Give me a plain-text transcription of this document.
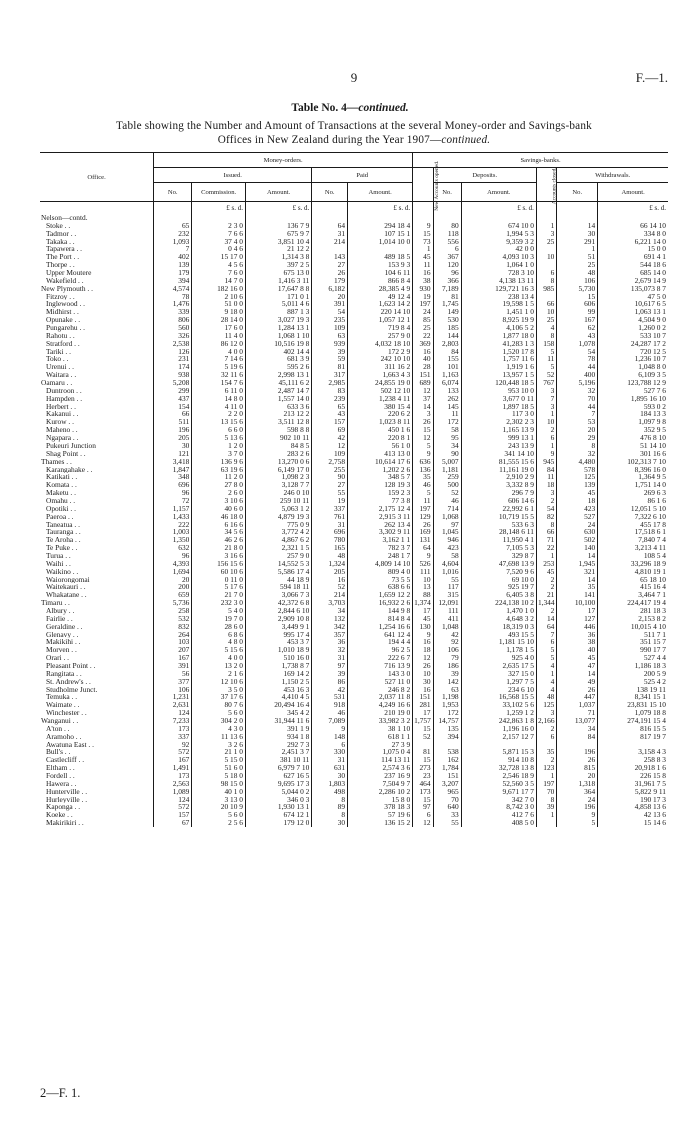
9	F.—1.
Table No. 4—continued.
Table showing the Number and Amount of Transactions at the several Money-order and Savings-bank
Offices in New Zealand during the Year 1907—continued.
Office.	Money-orders.					Savings-banks.					
	Issued.			Paid		New Accounts opened.	Deposits.		Accounts closed.	Withdrawals.	
	No.	Commission.	Amount.	No.	Amount.		No.	Amount.		No.	Amount.
		£ s. d.	£ s. d.		£ s. d.			£ s. d.			£ s. d.
Nelson—contd.											
Stoke . .	65	2 3 0	136 7 9	64	294 18 4	9	80	674 10 0	1	14	66 14 10
Tadmor . .	232	7 6 6	675 9 7	31	107 15 1	15	118	1,994 5 3	3	30	334 8 0
Takaka . .	1,093	37 4 0	3,851 10 4	214	1,014 10 0	73	556	9,359 3 2	25	291	6,221 14 0
Tapawera . .	7	0 4 6	21 12 2			1	6	42 0 0		1	15 0 0
The Port . .	402	15 17 0	1,314 3 8	143	489 18 5	45	367	4,093 10 3	10	51	691 4 1
Thorpe . .	139	4 5 6	397 2 5	27	153 9 3	11	120	1,064 1 0		25	544 18 6
Upper Moutere	179	7 6 0	675 13 0	26	104 6 11	16	96	728 3 10	6	48	685 14 0
Wakefield . .	394	14 7 0	1,416 3 11	179	866 8 4	38	366	4,138 13 11	8	106	2,679 14 9
New Plymouth . .	4,574	182 16 0	17,647 8 8	6,182	28,385 4 9	930	7,189	129,721 16 3	985	5,730	135,073 8 7
Fitzroy . .	78	2 10 6	171 0 1	20	49 12 4	19	81	238 13 4		15	47 5 0
Inglewood . .	1,476	51 0 0	5,011 4 6	391	1,623 14 2	197	1,745	19,598 1 5	66	606	10,617 6 5
Midhirst . .	339	9 18 0	887 1 3	54	220 14 10	24	149	1,451 1 0	10	99	1,063 13 1
Opunake . .	806	28 14 0	3,027 19 3	235	1,057 12 1	85	530	8,925 19 9	25	167	4,504 9 0
Pungarehu . .	560	17 6 0	1,284 13 1	109	719 8 4	25	185	4,106 5 2	4	62	1,260 0 2
Rahotu . .	326	11 4 0	1,068 1 10	63	257 9 0	22	144	1,877 18 0	8	43	533 10 7
Stratford . .	2,538	86 12 0	10,516 19 8	939	4,032 18 10	369	2,803	41,283 1 3	158	1,078	24,287 17 2
Tariki . .	126	4 0 0	402 14 4	39	172 2 9	16	84	1,520 17 8	5	54	720 12 5
Toko . .	231	7 14 6	681 3 9	59	242 10 10	40	155	1,757 11 6	11	78	1,236 10 7
Urenui . .	174	5 19 6	595 2 6	81	311 16 2	28	101	1,919 1 6	5	44	1,048 8 0
Waitara . .	938	32 11 6	2,998 13 1	317	1,663 4 3	151	1,163	13,957 1 5	52	400	6,109 3 5
Oamaru . .	5,208	154 7 6	45,111 6 2	2,985	24,855 19 0	689	6,074	120,448 18 5	767	5,196	123,788 12 9
Duntroon . .	299	6 11 0	2,487 14 7	83	502 12 10	12	133	953 10 0	3	32	527 7 6
Hampden . .	437	14 8 0	1,557 14 0	239	1,238 4 11	37	262	3,677 0 11	7	70	1,895 16 10
Herbert . .	154	4 11 0	633 3 6	65	380 15 4	14	145	1,897 18 5	3	44	593 0 2
Kakanui . .	66	2 2 0	213 12 2	43	220 6 2	3	11	117 3 0	1	7	184 13 3
Kurow . .	511	13 15 6	3,511 12 8	157	1,023 8 11	26	172	2,302 2 3	10	53	1,097 9 8
Maheno . .	196	6 6 0	598 8 8	69	450 1 6	15	58	1,165 13 9	2	20	352 9 5
Ngapara . .	205	5 13 6	902 10 11	42	220 8 1	12	95	999 13 1	6	29	476 8 10
Pukeuri Junction	30	1 2 0	84 8 5	12	56 1 0	5	34	243 13 9	1	8	51 14 10
Shag Point . .	121	3 7 0	283 2 6	109	413 13 0	9	90	341 14 10	9	32	301 16 6
Thames . .	3,418	136 9 6	13,270 0 6	2,758	10,614 17 6	636	5,007	81,555 15 6	945	4,480	102,313 7 10
Karangahake . .	1,847	63 19 6	6,149 17 0	255	1,202 2 6	136	1,181	11,161 19 0	84	578	8,396 16 0
Katikati . .	348	11 2 0	1,098 2 3	90	348 5 7	35	259	2,910 2 9	11	125	1,364 9 5
Komata . .	696	27 8 0	3,128 7 7	27	128 19 3	46	500	3,332 8 9	18	139	1,751 14 0
Maketu . .	96	2 6 0	246 0 10	55	159 2 3	5	52	296 7 9	3	45	269 6 3
Omahu . .	72	3 10 6	259 10 11	19	77 3 8	11	46	606 14 6	2	18	86 1 6
Opotiki . .	1,157	40 6 0	5,063 1 2	337	2,175 12 4	197	714	22,992 6 1	54	423	12,051 5 10
Paeroa . .	1,433	46 18 0	4,879 19 3	761	2,915 3 11	129	1,068	10,719 15 5	82	527	7,322 6 10
Taneatua . .	222	6 16 6	775 0 9	31	262 13 4	26	97	533 6 3	8	24	455 17 8
Tauranga . .	1,003	34 5 6	3,772 4 2	696	3,302 9 11	169	1,045	28,148 6 11	66	630	17,518 6 1
Te Aroha . .	1,350	46 2 6	4,867 6 2	780	3,162 1 1	131	946	11,950 4 1	71	502	7,840 7 4
Te Puke . .	632	21 8 0	2,321 1 5	165	782 3 7	64	423	7,105 5 3	22	140	3,213 4 11
Turua . .	96	3 16 6	257 9 0	48	248 1 7	9	58	329 8 7	1	14	108 5 4
Waihi . .	4,393	156 15 6	14,552 5 3	1,324	4,809 14 10	526	4,604	47,698 13 9	253	1,945	33,296 18 9
Waikino . .	1,694	60 10 6	5,586 17 4	205	809 4 0	111	1,016	7,520 9 6	45	321	4,810 19 1
Waiorongomai	20	0 11 0	44 18 9	16	73 5 5	10	55	69 10 0	2	14	65 18 10
Waitekauri . .	200	5 17 6	594 18 11	52	638 6 6	13	117	925 19 7	2	35	415 16 4
Whakatane . .	659	21 7 0	3,066 7 3	214	1,659 12 2	88	315	6,405 3 8	21	141	3,464 7 1
Timaru . .	5,736	232 3 0	42,372 6 8	3,703	16,932 2 6	1,374	12,091	224,138 10 2	1,344	10,100	224,417 19 4
Albury . .	258	5 4 0	2,844 6 10	34	144 9 8	17	111	1,470 1 0	2	17	281 18 3
Fairlie . .	532	19 7 0	2,909 10 8	132	814 8 4	45	411	4,648 3 2	14	127	2,153 8 2
Geraldine . .	832	28 6 0	3,449 9 1	342	1,254 16 6	130	1,048	18,319 0 3	64	446	10,015 4 10
Glenavy . .	264	6 8 6	995 17 4	357	641 12 4	9	42	493 15 5	7	36	511 7 1
Makikihi . .	103	4 8 0	453 3 7	36	194 4 4	16	92	1,181 15 10	6	38	351 15 7
Morven . .	207	5 15 6	1,010 18 9	32	96 2 5	18	106	1,178 1 5	5	40	990 17 7
Orari . .	167	4 0 0	510 16 0	31	222 6 7	12	79	925 4 0	5	45	527 4 4
Pleasant Point . .	391	13 2 0	1,738 8 7	97	716 13 9	26	186	2,635 17 5	4	47	1,186 18 3
Rangitata . .	56	2 1 6	169 14 2	39	143 3 0	10	39	327 15 0	1	14	200 5 9
St. Andrew's . .	377	12 10 6	1,150 2 5	86	527 11 0	30	142	1,297 7 5	4	49	525 4 2
Studholme Junct.	106	3 5 0	453 16 3	42	246 8 2	16	63	234 6 10	4	26	138 19 11
Temuka . .	1,231	37 17 6	4,410 4 5	531	2,037 11 8	151	1,198	16,568 15 5	48	447	8,341 15 1
Waimate . .	2,631	80 7 6	20,494 16 4	918	4,249 16 6	281	1,953	33,102 5 6	125	1,037	23,831 15 10
Winchester . .	124	5 6 0	345 4 2	46	210 19 0	17	172	1,259 1 2	3	71	1,079 18 8
Wanganui . .	7,233	304 2 0	31,944 11 6	7,089	33,982 3 2	1,757	14,757	242,863 1 8	2,166	13,077	274,191 15 4
A'ton . .	173	4 3 0	391 1 9	9	38 1 10	15	135	1,196 16 0	2	34	816 15 5
Aramoho . .	337	11 13 6	934 1 8	148	618 1 1	52	394	2,157 12 7	6	84	817 19 7
Awatuna East . .	92	3 2 6	292 7 3	6	27 3 9						
Bull's . .	572	21 1 0	2,451 3 7	330	1,075 0 4	81	538	5,871 15 3	35	196	3,158 4 3
Castlecliff . .	167	5 15 0	381 10 11	31	114 13 11	15	162	914 10 8	2	26	258 8 3
Eltham . .	1,491	51 6 0	6,979 7 10	631	2,574 3 6	273	1,784	32,728 13 8	123	815	20,918 1 6
Fordell . .	173	5 18 0	627 16 5	30	237 16 9	23	151	2,546 18 9	1	20	226 15 8
Hawera . .	2,563	98 15 0	9,695 17 3	1,803	7,504 9 7	464	3,207	52,560 3 5	197	1,318	31,961 7 5
Hunterville . .	1,089	40 1 0	5,044 0 2	498	2,286 10 2	173	965	9,671 17 7	70	364	5,822 9 11
Hurleyville . .	124	3 13 0	346 0 3	8	15 8 0	15	70	342 7 0	8	24	190 17 3
Kaponga . .	572	20 10 9	1,930 13 1	89	378 18 3	97	640	8,742 3 0	39	196	4,858 13 6
Koeke . .	157	5 6 0	674 12 1	8	57 19 6	6	33	412 7 6	1	9	42 13 6
Makirikiri . .	67	2 5 6	179 12 0	30	136 15 2	12	55	408 5 0		5	15 14 6
2—F. 1.
